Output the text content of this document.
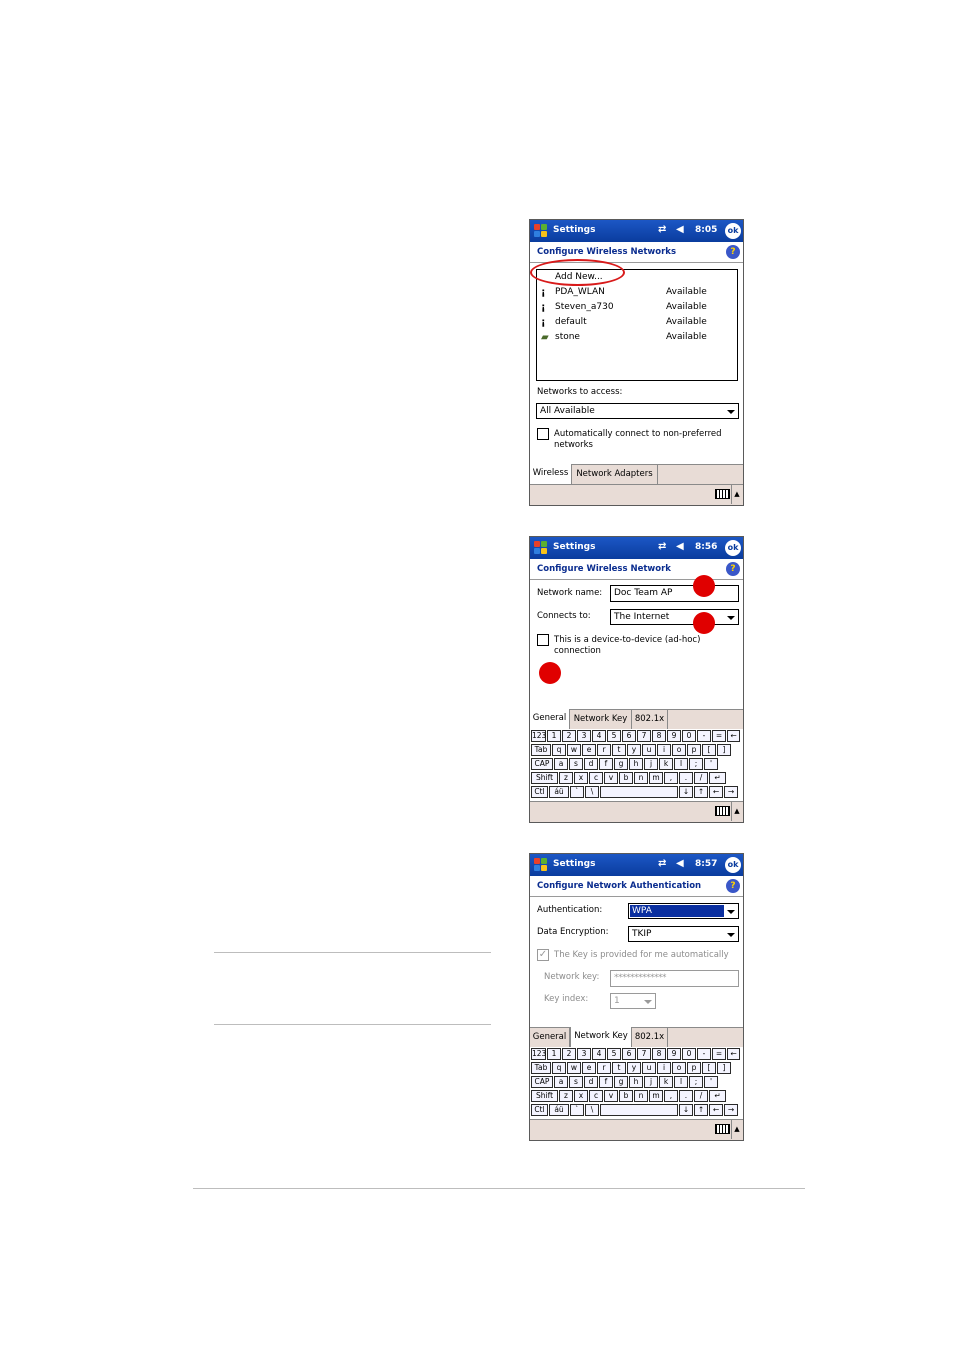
Settings	⇄ ◀ 8:05	ok
Configure Wireless Networks	?
Add New...
¡ PDA_WLAN	Available
¡ Steven_a730	Available
¡ default	Available
▰ stone	Available
Networks to access:
All Available
Automatically connect to non-preferred
networks
Wireless Network Adapters
▲
Settings	⇄ ◀ 8:56	ok
Configure Wireless Network	?
Network name: Doc Team AP
Connects to:	The Internet
This is a device-to-device (ad-hoc)
connection
General Network Key 802.1x
123 1	2	3	4	5	6	7	8	9	0	-	=	←
Tab	q	w	e	r	t	y	u	i	o	p	[	]
CAP	a	s	d	f	g	h	j	k	l	;	'
Shift	z	x	c	v	b	n	m	,	.	/	↵
Ctl	áü	`	\	↓	↑	←	→
▲
Settings	⇄ ◀ 8:57	ok
Configure Network Authentication	?
Authentication:	WPA
Data Encryption:	TKIP
✓ The Key is provided for me automatically
Network key: *************
Key index:	1
General Network Key 802.1x
123 1	2	3	4	5	6	7	8	9	0	-	=	←
Tab	q	w	e	r	t	y	u	i	o	p	[	]
CAP	a	s	d	f	g	h	j	k	l	;	'
Shift	z	x	c	v	b	n	m	,	.	/	↵
Ctl	áü	`	\	↓	↑	←	→
▲
